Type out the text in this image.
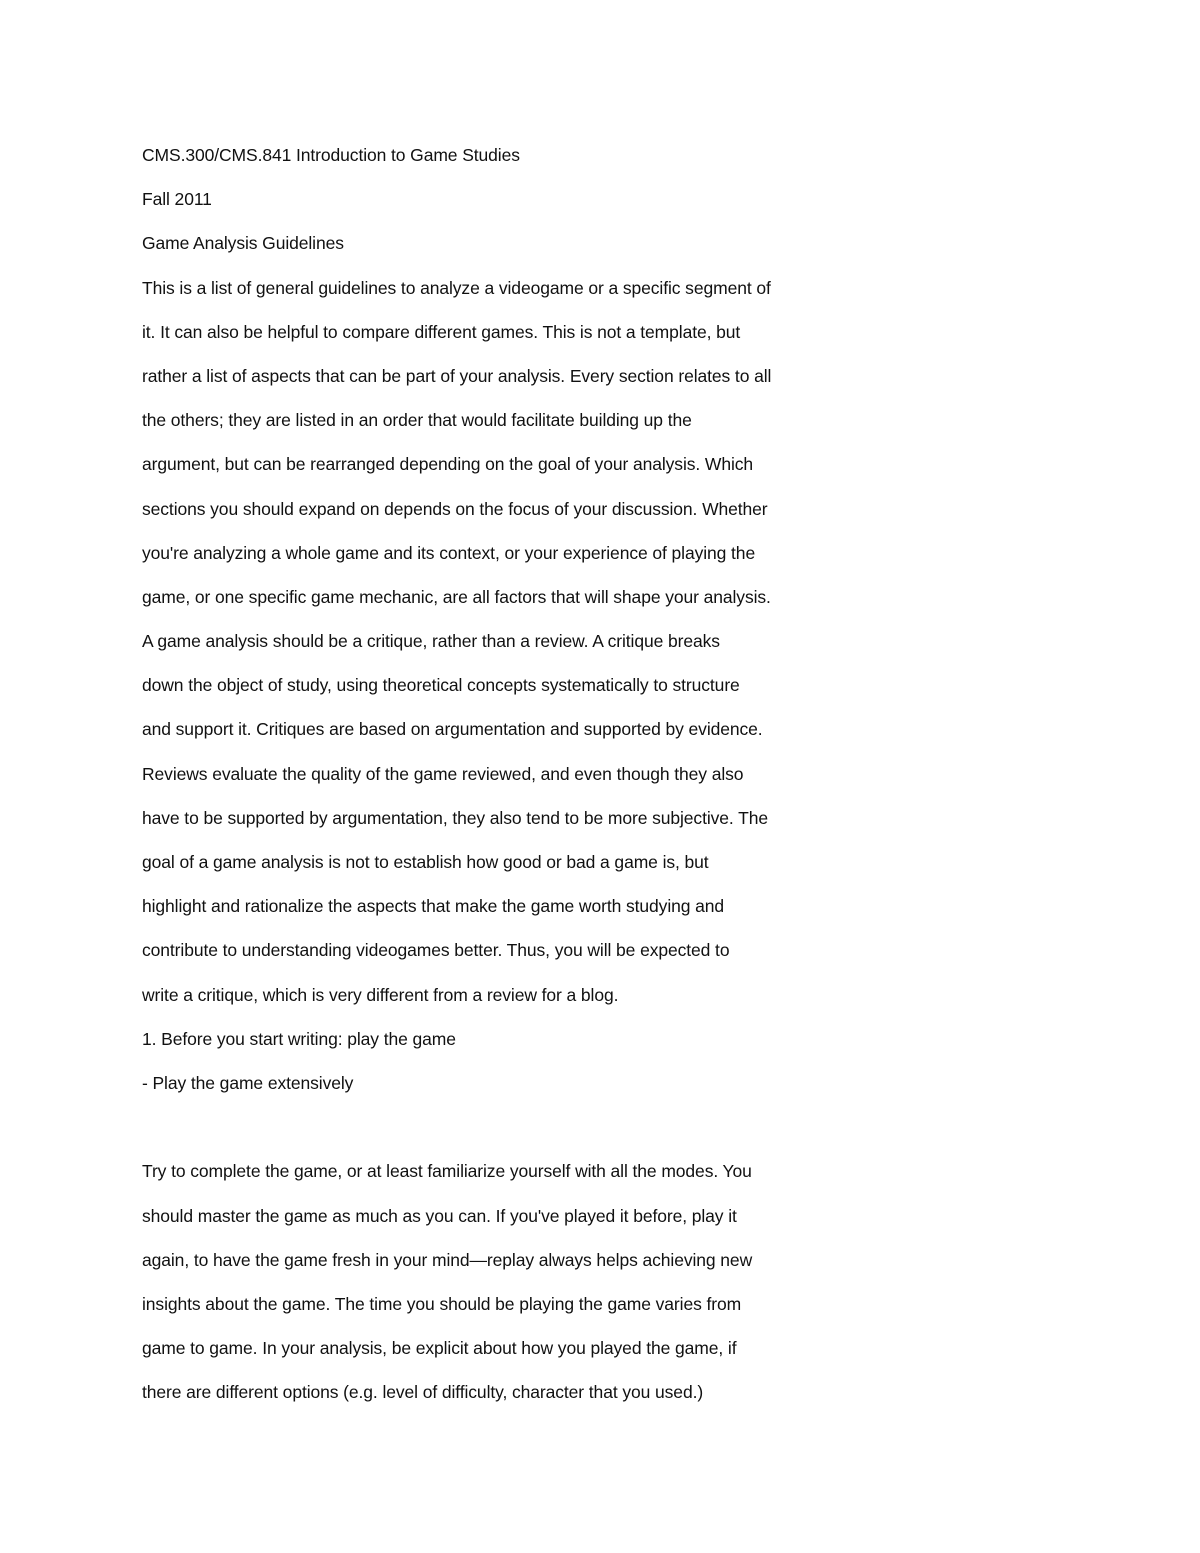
CMS.300/CMS.841 Introduction to Game Studies
Fall 2011
Game Analysis Guidelines
This is a list of general guidelines to analyze a videogame or a specific segment of
it. It can also be helpful to compare different games. This is not a template, but
rather a list of aspects that can be part of your analysis. Every section relates to all
the others; they are listed in an order that would facilitate building up the
argument, but can be rearranged depending on the goal of your analysis. Which
sections you should expand on depends on the focus of your discussion. Whether
you're analyzing a whole game and its context, or your experience of playing the
game, or one specific game mechanic, are all factors that will shape your analysis.
A game analysis should be a critique, rather than a review. A critique breaks
down the object of study, using theoretical concepts systematically to structure
and support it. Critiques are based on argumentation and supported by evidence.
Reviews evaluate the quality of the game reviewed, and even though they also
have to be supported by argumentation, they also tend to be more subjective. The
goal of a game analysis is not to establish how good or bad a game is, but
highlight and rationalize the aspects that make the game worth studying and
contribute to understanding videogames better. Thus, you will be expected to
write a critique, which is very different from a review for a blog.
1. Before you start writing: play the game
- Play the game extensively
Try to complete the game, or at least familiarize yourself with all the modes. You
should master the game as much as you can. If you've played it before, play it
again, to have the game fresh in your mind—replay always helps achieving new
insights about the game. The time you should be playing the game varies from
game to game. In your analysis, be explicit about how you played the game, if
there are different options (e.g. level of difficulty, character that you used.)
